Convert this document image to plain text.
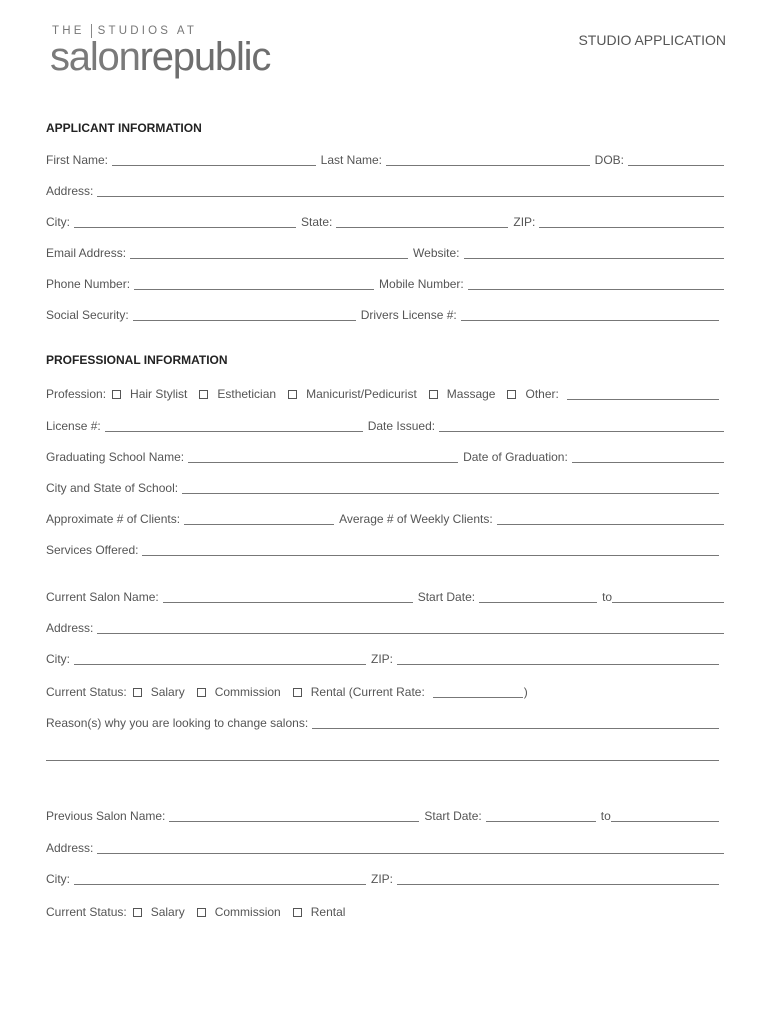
THE STUDIOS AT
salonrepublic	STUDIO APPLICATION
APPLICANT INFORMATION
First Name:	Last Name:	DOB:
Address:
City:	State:	ZIP:
Email Address:	Website:
Phone Number:	Mobile Number:
Social Security:	Drivers License #:
PROFESSIONAL INFORMATION
Profession: Hair Stylist	Esthetician	Manicurist/Pedicurist	Massage	Other:
License #:	Date Issued:
Graduating School Name:	Date of Graduation:
City and State of School:
Approximate # of Clients:	Average # of Weekly Clients:
Services Offered:
Current Salon Name:	Start Date:	to
Address:
City:	ZIP:
Current Status: Salary	Commission	Rental (Current Rate:	)
Reason(s) why you are looking to change salons:
Previous Salon Name:	Start Date:	to
Address:
City:	ZIP:
Current Status: Salary	Commission	Rental
